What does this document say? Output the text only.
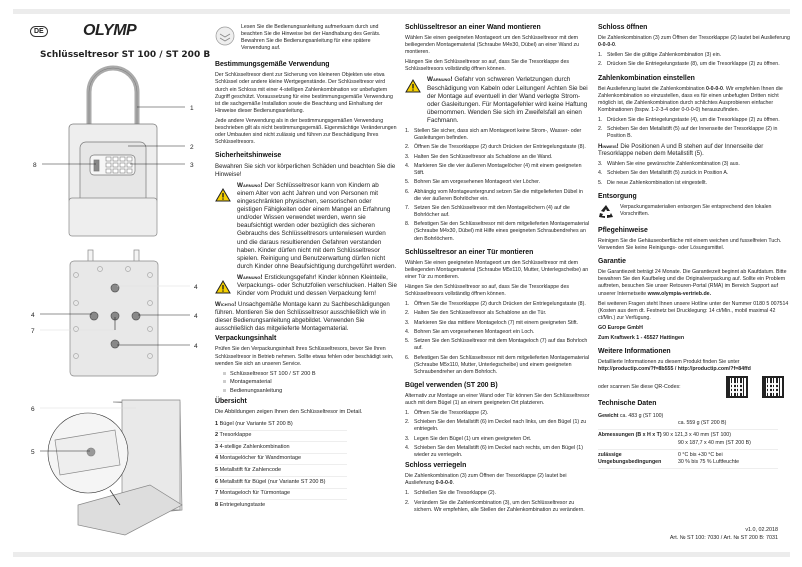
DE OLYMP
Schlüsseltresor ST 100 / ST 200 B
1
2
3
8
4
4	4
4
7
6
5

Lesen Sie die Bedienungsanleitung aufmerksam durch und beachten Sie die Hinweise bei der Handhabung des Geräts. Bewahren Sie die Bedienungsanleitung für eine spätere Verwendung auf.

Bestimmungsgemäße Verwendung

Der Schlüsseltresor dient zur Sicherung von kleineren Objekten wie etwa Schlüssel oder andere kleine Wertgegenstände. Der Schlüsseltresor wird durch ein Schloss mit einer 4-stelligen Zahlenkombination vor unbefugtem Zugriff geschützt. Voraussetzung für eine bestimmungsgemäße Verwendung ist die sachgemäße Installation sowie die Beachtung und Einhaltung der Hinweise dieser Bedienungsanleitung.

Jede andere Verwendung als in der bestimmungsgemäßen Verwendung beschrieben gilt als nicht bestimmungsgemäß. Eigenmächtige Veränderungen oder Umbauten sind nicht zulässig und führen zur Beschädigung Ihres Schlüsseltresors.

Sicherheitshinweise

Bewahren Sie sich vor körperlichen Schäden und beachten Sie die Hinweise!

Warnung! Der Schlüsseltresor kann von Kindern ab einem Alter von acht Jahren und von Personen mit eingeschränkten physischen, sensorischen oder geistigen Fähigkeiten oder einem Mangel an Erfahrung und/oder Wissen verwendet werden, wenn sie beaufsichtigt werden oder bezüglich des sicheren Gebrauchs des Schlüsseltresors unterwiesen wurden und die daraus resultierenden Gefahren verstanden haben. Kinder dürfen nicht mit dem Schlüsseltresor spielen. Reinigung und Benutzerwartung dürfen nicht durch Kinder ohne Beaufsichtigung durchgeführt werden.
Warnung! Erstickungsgefahr! Kinder können Kleinteile, Verpackungs- oder Schutzfolien verschlucken. Halten Sie Kinder vom Produkt und dessen Verpackung fern!

Wichtig! Unsachgemäße Montage kann zu Sachbeschädigungen führen. Montieren Sie den Schlüsseltresor ausschließlich wie in dieser Bedienungsanleitung abgebildet. Verwenden Sie ausschließlich das mitgelieferte Montagematerial.

Verpackungsinhalt

Prüfen Sie den Verpackungsinhalt Ihres Schlüsseltresors, bevor Sie Ihren Schlüsseltresor in Betrieb nehmen. Sollte etwas fehlen oder beschädigt sein, wenden Sie sich an unseren Service.

Schlüsseltresor ST 100 / ST 200 B
Montagematerial
Bedienungsanleitung
Übersicht

Die Abbildungen zeigen Ihnen den Schlüsseltresor im Detail.

1 Bügel (nur Variante ST 200 B)
2 Tresorklappe
3 4-stellige Zahlenkombination
4 Montagelöcher für Wandmontage
5 Metallstift für Zahlencode
6 Metallstift für Bügel (nur Variante ST 200 B)
7 Montageloch für Türmontage
8 Entriegelungstaste
Schlüsseltresor an einer Wand montieren

Wählen Sie einen geeigneten Montageort um den Schlüsseltresor mit dem beiliegenden Montagematerial (Schraube M4x30, Dübel) an einer Wand zu montieren.

Hängen Sie den Schlüsseltresor so auf, dass Sie die Tresorklappe des Schlüsseltresors vollständig öffnen können.

Warnung! Gefahr von schweren Verletzungen durch Beschädigung von Kabeln oder Leitungen! Achten Sie bei der Montage auf eventuell in der Wand verlegte Strom- oder Gasleitungen. Für Montagefehler wird keine Haftung übernommen. Wenden Sie sich im Zweifelsfall an einen Fachmann.
1. Stellen Sie sicher, dass sich am Montageort keine Strom-, Wasser- oder Gasleitungen befinden.
2. Öffnen Sie die Tresorklappe (2) durch Drücken der Entriegelungstaste (8).
3. Halten Sie den Schlüsseltresor als Schablone an die Wand.
4. Markieren Sie die vier äußeren Montagelöcher (4) mit einem geeigneten Stift.
5. Bohren Sie am vorgesehenen Montageort vier Löcher.
6. Abhängig vom Montageuntergrund setzen Sie die mitgelieferten Dübel in die vier äußeren Bohrlöcher ein.
7. Setzen Sie den Schlüsseltresor mit den Montagelöchern (4) auf die Bohrlöcher auf.
8. Befestigen Sie den Schlüsseltresor mit dem mitgelieferten Montagematerial (Schraube M4x30, Dübel) mit Hilfe eines geeigneten Schraubendrehes an den Bohrlöchern.
Schlüsseltresor an einer Tür montieren

Wählen Sie einen geeigneten Montageort um den Schlüsseltresor mit dem beiliegenden Montagematerial (Schraube M5x110, Mutter, Unterlegscheibe) an einer Tür zu montieren.

Hängen Sie den Schlüsseltresor so auf, dass Sie die Tresorklappe des Schlüsseltresors vollständig öffnen können.

1. Öffnen Sie die Tresorklappe (2) durch Drücken der Entriegelungstaste (8).
2. Halten Sie den Schlüsseltresor als Schablone an die Tür.
3. Markieren Sie das mittlere Montageloch (7) mit einem geeigneten Stift.
4. Bohren Sie am vorgesehenen Montageort ein Loch.
5. Setzen Sie den Schlüsseltresor mit dem Montageloch (7) auf das Bohrloch auf.
6. Befestigen Sie den Schlüsseltresor mit dem mitgelieferten Montagematerial (Schraube M5x110, Mutter, Unterlegscheibe) und einem geeigneten Schraubendreher an dem Bohrloch.
Bügel verwenden (ST 200 B)

Alternativ zur Montage an einer Wand oder Tür können Sie den Schlüsseltresor auch mit dem Bügel (1) an einem geeigneten Ort platzieren.

1. Öffnen Sie die Tresorklappe (2).
2. Schieben Sie den Metallstift (6) im Deckel nach links, um den Bügel (1) zu entriegeln.
3. Legen Sie den Bügel (1) um einen geeigneten Ort.
4. Schieben Sie den Metallstift (6) im Deckel nach rechts, um den Bügel (1) wieder zu verriegeln.
Schloss verriegeln

Die Zahlenkombination (3) zum Öffnen der Tresorklappe (2) lautet bei Auslieferung 0-0-0-0.

1. Schließen Sie die Tresorklappe (2).
2. Verändern Sie die Zahlenkombination (3), um den Schlüsseltresor zu sichern. Wir empfehlen, alle Stellen der Zahlenkombination zu verändern.
Schloss öffnen

Die Zahlenkombination (3) zum Öffnen der Tresorklappe (2) lautet bei Auslieferung 0-0-0-0.

1. Stellen Sie die gültige Zahlenkombination (3) ein.
2. Drücken Sie die Entriegelungstaste (8), um die Tresorklappe (2) zu öffnen.
Zahlenkombination einstellen

Bei Auslieferung lautet die Zahlenkombination 0-0-0-0. Wir empfehlen Ihnen die Zahlenkombination so einzustellen, dass es für einen unbefugten Dritten nicht möglich ist, die Zahlenkombination durch schlichtes Ausprobieren einfacher Kombinationen (bspw. 1-2-3-4 oder 0-0-0-0) herauszufinden.

1. Drücken Sie die Entriegelungstaste (4), um die Tresorklappe (2) zu öffnen.
2. Schieben Sie den Metallstift (5) auf der Innenseite der Tresorklappe (2) in Position B.

Hinweis! Die Positionen A und B stehen auf der Innenseite der Tresorklappe neben dem Metallstift (5).

3. Wählen Sie eine gewünschte Zahlenkombination (3) aus.
4. Schieben Sie den Metallstift (5) zurück in Position A.
5. Die neue Zahlenkombination ist eingestellt.
Entsorgung

Verpackungsmaterialien entsorgen Sie entsprechend den lokalen Vorschriften.

Pflegehinweise

Reinigen Sie die Gehäuseoberfläche mit einem weichen und fusselfreien Tuch. Verwenden Sie keine Reinigungs- oder Lösungsmittel.

Garantie

Die Garantiezeit beträgt 24 Monate. Die Garantiezeit beginnt ab Kaufdatum. Bitte bewahren Sie den Kaufbeleg und die Originalverpackung auf. Sollte ein Problem auftreten, besuchen Sie unser Retouren-Portal (RMA) im Bereich Support auf unserer Internetseite www.olympia-vertrieb.de.

Bei weiteren Fragen steht Ihnen unsere Hotline unter der Nummer 0180 5 007514 (Kosten aus dem dt. Festnetz bei Drucklegung: 14 ct/Min., mobil maximal 42 ct/Min.) zur Verfügung.

GO Europe GmbH

Zum Kraftwerk 1 - 45527 Hattingen

Weitere Informationen

Detaillierte Informationen zu diesem Produkt finden Sie unter
http://productip.com/?f=8b555 / http://productip.com/?f=84ffd

oder scannen Sie diese QR-Codes:
Technische Daten
Gewicht ca. 483 g (ST 100)
ca. 559 g (ST 200 B)
Abmessungen (B x H x T) 90 x 121,3 x 40 mm (ST 100)
90 x 187,7 x 40 mm (ST 200 B)
zulässige
Umgebungsbedingungen
0 °C bis +30 °C bei
30 % bis 75 % Luftfeuchte
v1.0, 02.2018
Art. № ST 100: 7030 / Art. № ST 200 B: 7031
